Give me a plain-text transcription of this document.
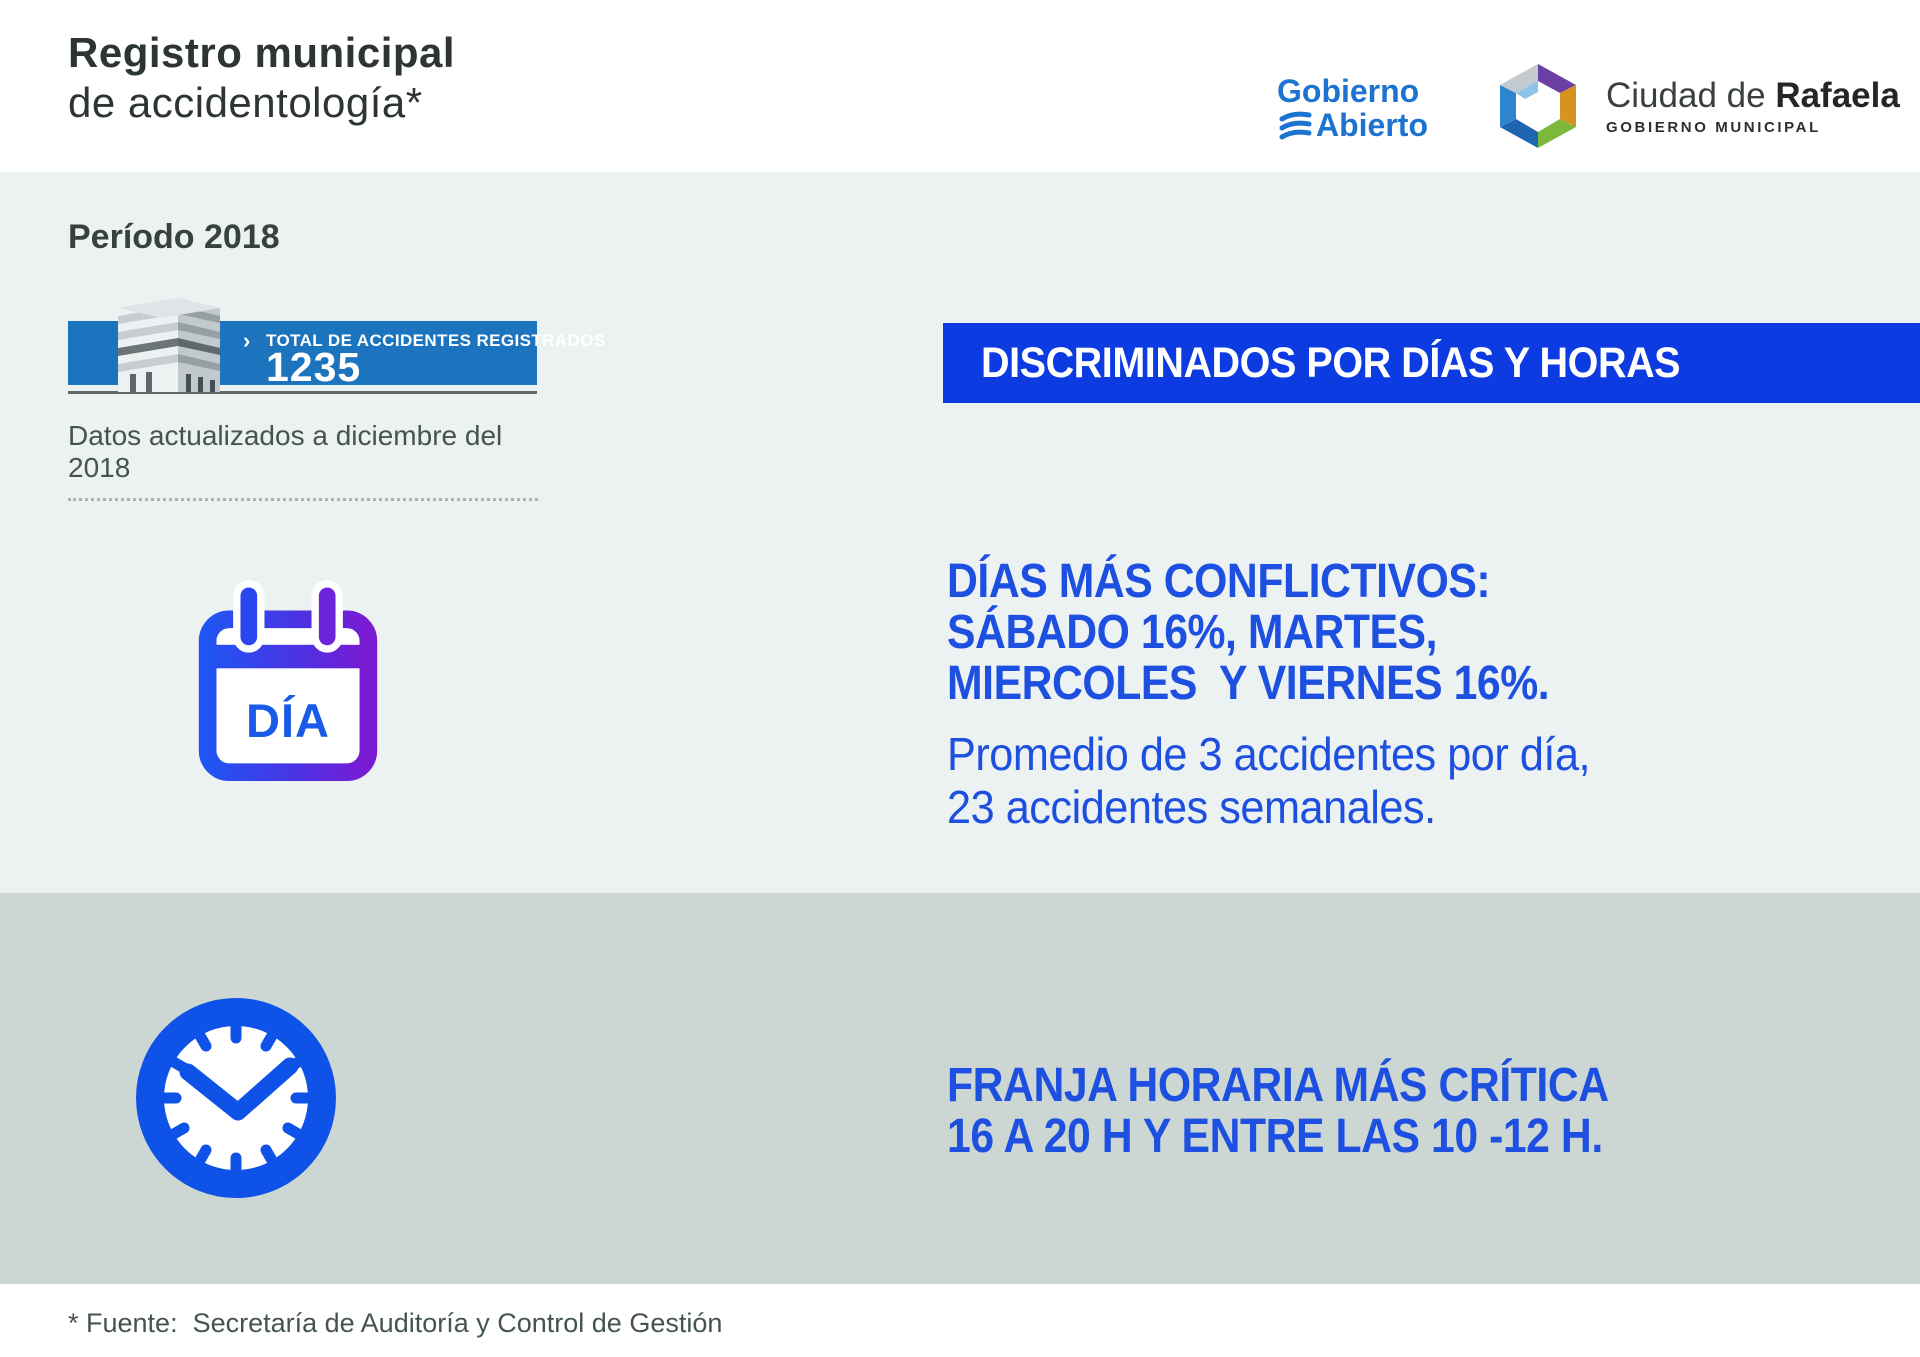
Registro municipal
de accidentología*	Gobierno
Abierto
Ciudad de Rafaela
GOBIERNO MUNICIPAL
Período 2018
› TOTAL DE ACCIDENTES REGISTRADOS
1235
Datos actualizados a diciembre del 2018
DISCRIMINADOS POR DÍAS Y HORAS
DÍA
DÍAS MÁS CONFLICTIVOS:
SÁBADO 16%, MARTES,
MIERCOLES  Y VIERNES 16%.
Promedio de 3 accidentes por día,
23 accidentes semanales.
FRANJA HORARIA MÁS CRÍTICA
16 A 20 H Y ENTRE LAS 10 -12 H.
* Fuente:  Secretaría de Auditoría y Control de Gestión
